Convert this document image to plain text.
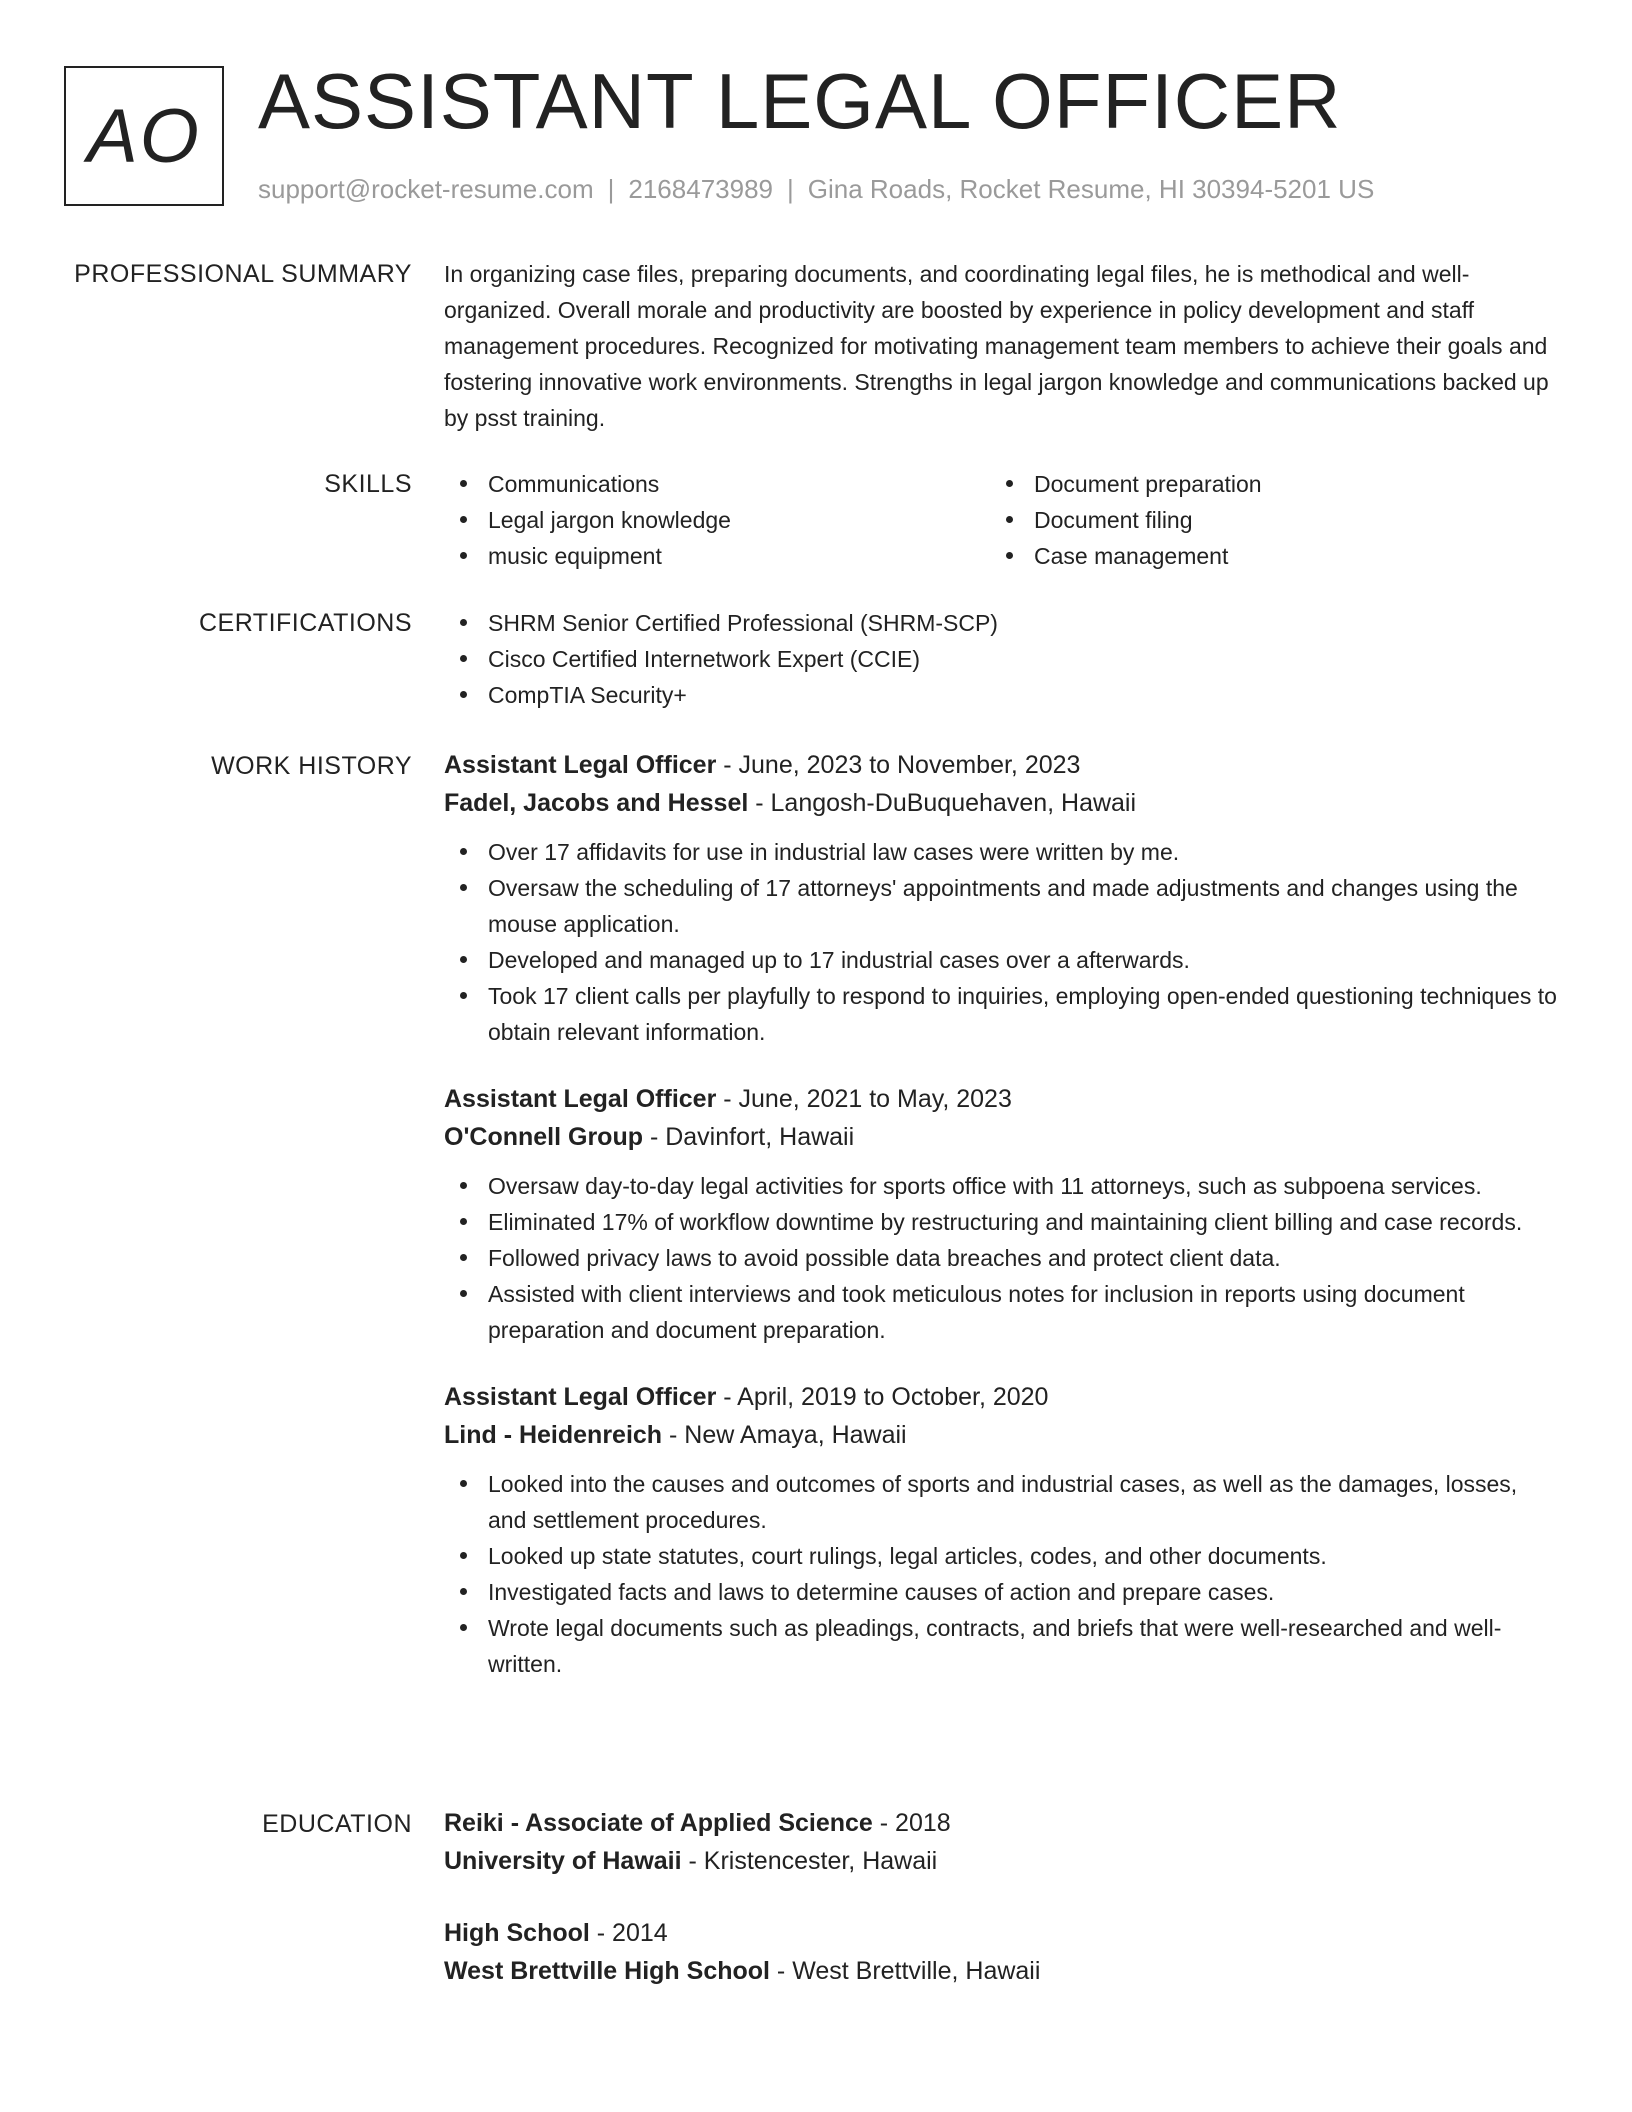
AO ASSISTANT LEGAL OFFICER
support@rocket-resume.com | 2168473989 | Gina Roads, Rocket Resume, HI 30394-5201 US
PROFESSIONAL SUMMARY In organizing case files, preparing documents, and coordinating legal files, he is methodical and well-organized. Overall morale and productivity are boosted by experience in policy development and staff management procedures. Recognized for motivating management team members to achieve their goals and fostering innovative work environments. Strengths in legal jargon knowledge and communications backed up by psst training.

SKILLS	Communications
Legal jargon knowledge
music equipment
Document preparation
Document filing
Case management
CERTIFICATIONS	SHRM Senior Certified Professional (SHRM-SCP)
Cisco Certified Internetwork Expert (CCIE)
CompTIA Security+
WORK HISTORY Assistant Legal Officer - June, 2023 to November, 2023
Fadel, Jacobs and Hessel - Langosh-DuBuquehaven, Hawaii
Over 17 affidavits for use in industrial law cases were written by me.
Oversaw the scheduling of 17 attorneys' appointments and made adjustments and changes using the mouse application.
Developed and managed up to 17 industrial cases over a afterwards.
Took 17 client calls per playfully to respond to inquiries, employing open-ended questioning techniques to obtain relevant information.
Assistant Legal Officer - June, 2021 to May, 2023
O'Connell Group - Davinfort, Hawaii
Oversaw day-to-day legal activities for sports office with 11 attorneys, such as subpoena services.
Eliminated 17% of workflow downtime by restructuring and maintaining client billing and case records.
Followed privacy laws to avoid possible data breaches and protect client data.
Assisted with client interviews and took meticulous notes for inclusion in reports using document preparation and document preparation.
Assistant Legal Officer - April, 2019 to October, 2020
Lind - Heidenreich - New Amaya, Hawaii
Looked into the causes and outcomes of sports and industrial cases, as well as the damages, losses, and settlement procedures.
Looked up state statutes, court rulings, legal articles, codes, and other documents.
Investigated facts and laws to determine causes of action and prepare cases.
Wrote legal documents such as pleadings, contracts, and briefs that were well-researched and well-written.
EDUCATION Reiki - Associate of Applied Science - 2018
University of Hawaii - Kristencester, Hawaii
High School - 2014
West Brettville High School - West Brettville, Hawaii
